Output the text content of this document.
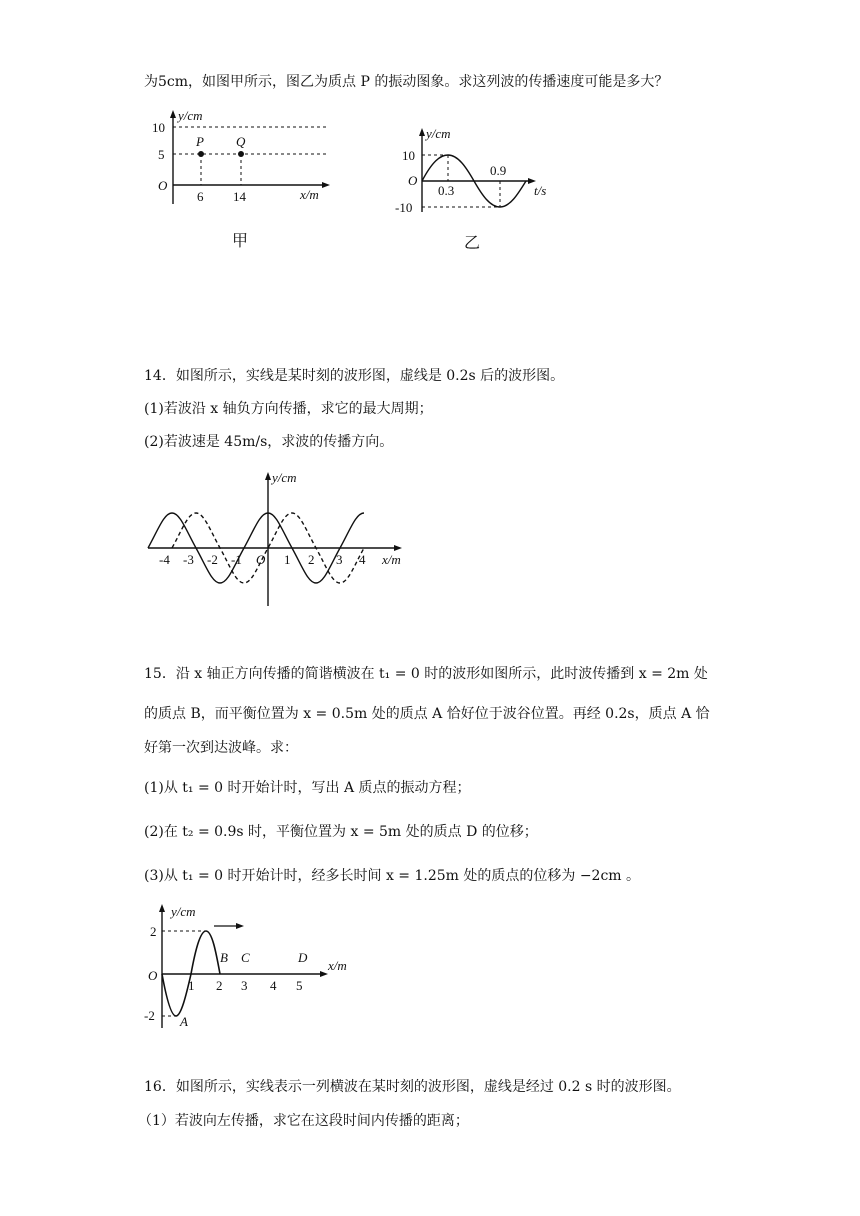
为5cm，如图甲所示，图乙为质点 P 的振动图象。求这列波的传播速度可能是多大？
y/cm
10
5
O
P Q
6 14	x/m
甲
y/cm
10
O
-10
0.3
0.9
t/s
乙
14．如图所示，实线是某时刻的波形图，虚线是 0.2s 后的波形图。
(1)若波沿 x 轴负方向传播，求它的最大周期；
(2)若波速是 45m/s，求波的传播方向。
y/cm
-4 -3 -2 -1 O 1 2 3 4 x/m
15．沿 x 轴正方向传播的简谐横波在 t₁ = 0 时的波形如图所示，此时波传播到 x = 2m 处
的质点 B，而平衡位置为 x = 0.5m 处的质点 A 恰好位于波谷位置。再经 0.2s，质点 A 恰
好第一次到达波峰。求：
(1)从 t₁ = 0 时开始计时，写出 A 质点的振动方程；
(2)在 t₂ = 0.9s 时，平衡位置为 x = 5m 处的质点 D 的位移；
(3)从 t₁ = 0 时开始计时，经多长时间 x = 1.25m 处的质点的位移为 −2cm 。
y/cm
2
O
-2 A
B C	D
1 2 3 4 5
x/m
16．如图所示，实线表示一列横波在某时刻的波形图，虚线是经过 0.2 s 时的波形图。
（1）若波向左传播，求它在这段时间内传播的距离；
